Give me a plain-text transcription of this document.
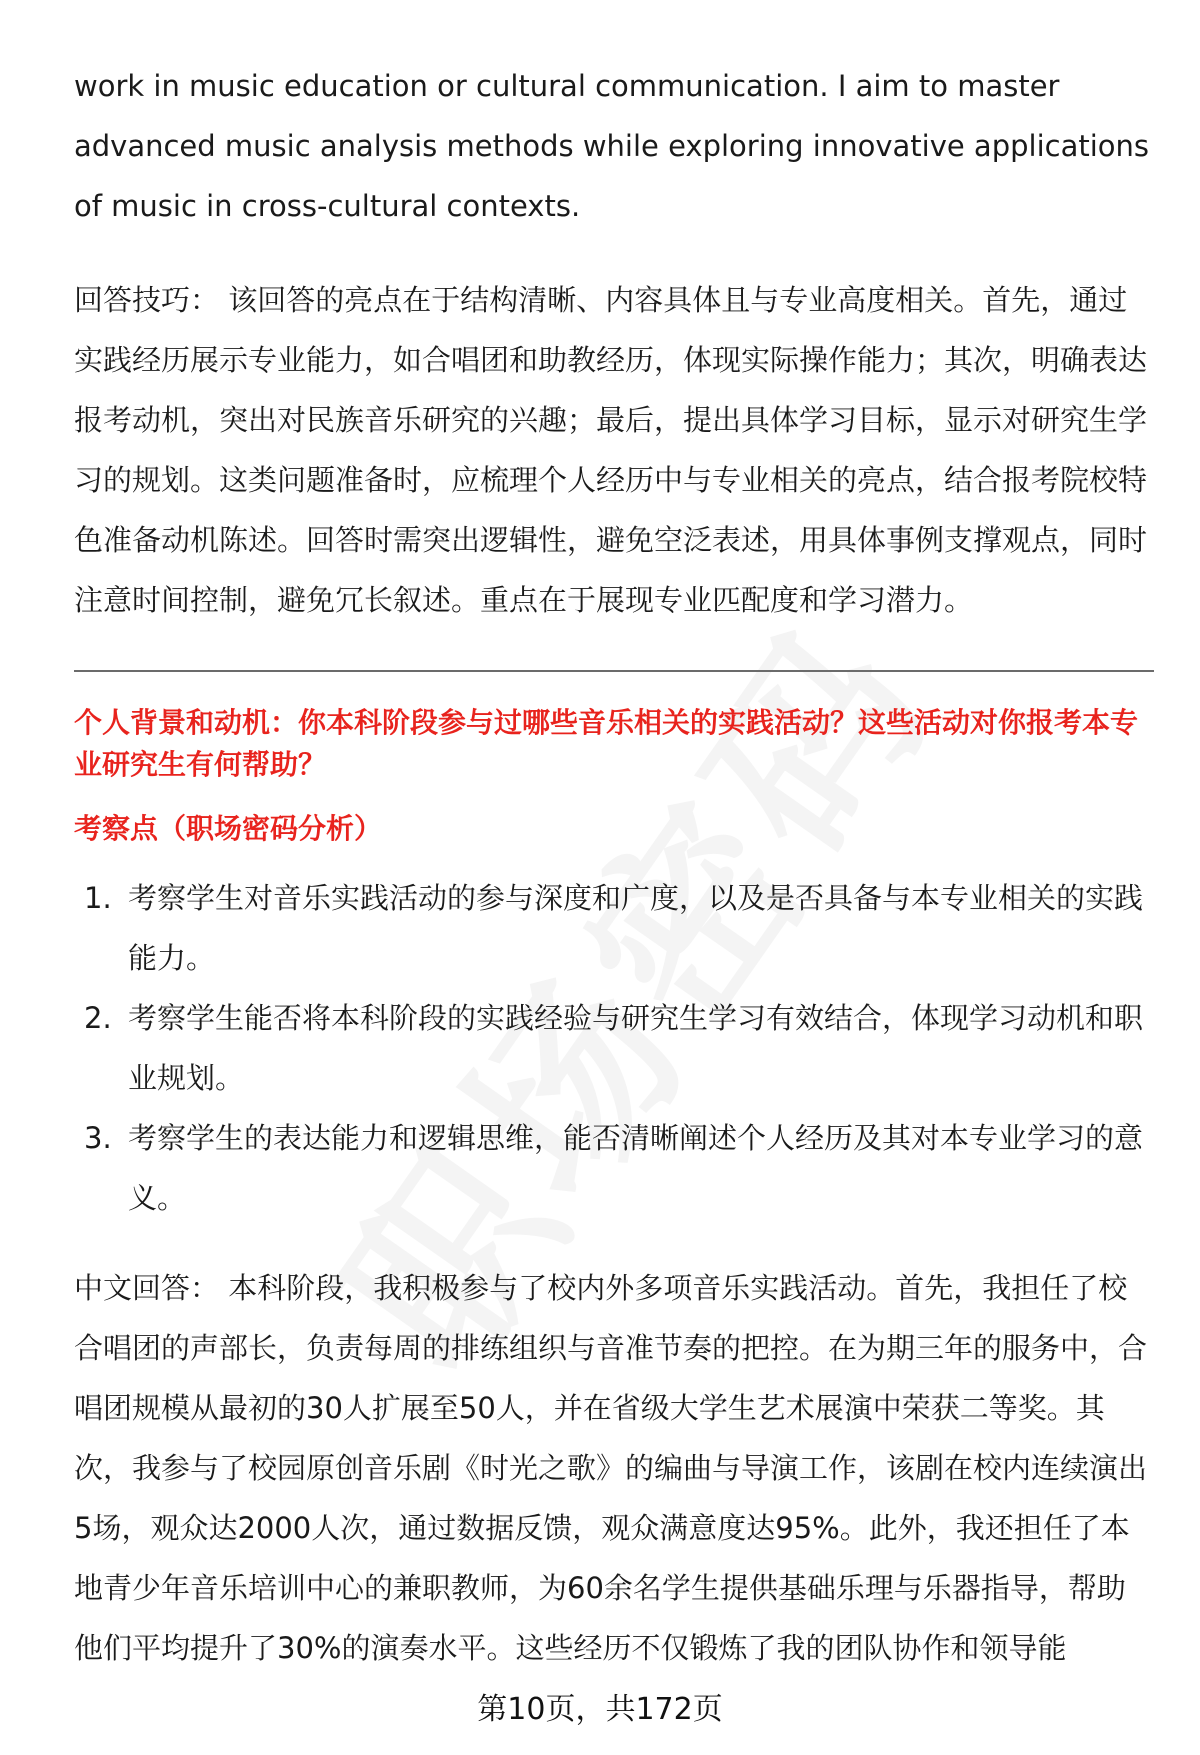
work in music education or cultural communication. I aim to master advanced music analysis methods while exploring innovative applications of music in cross-cultural contexts.

回答技巧： 该回答的亮点在于结构清晰、内容具体且与专业高度相关。首先，通过实践经历展示专业能力，如合唱团和助教经历，体现实际操作能力；其次，明确表达报考动机，突出对民族音乐研究的兴趣；最后，提出具体学习目标，显示对研究生学习的规划。这类问题准备时，应梳理个人经历中与专业相关的亮点，结合报考院校特色准备动机陈述。回答时需突出逻辑性，避免空泛表述，用具体事例支撑观点，同时注意时间控制，避免冗长叙述。重点在于展现专业匹配度和学习潜力。

个人背景和动机：你本科阶段参与过哪些音乐相关的实践活动？这些活动对你报考本专业研究生有何帮助？

考察点（职场密码分析）

1. 考察学生对音乐实践活动的参与深度和广度，以及是否具备与本专业相关的实践能力。
2. 考察学生能否将本科阶段的实践经验与研究生学习有效结合，体现学习动机和职业规划。
3. 考察学生的表达能力和逻辑思维，能否清晰阐述个人经历及其对本专业学习的意义。

中文回答： 本科阶段，我积极参与了校内外多项音乐实践活动。首先，我担任了校合唱团的声部长，负责每周的排练组织与音准节奏的把控。在为期三年的服务中，合唱团规模从最初的30人扩展至50人，并在省级大学生艺术展演中荣获二等奖。其次，我参与了校园原创音乐剧《时光之歌》的编曲与导演工作，该剧在校内连续演出5场，观众达2000人次，通过数据反馈，观众满意度达95%。此外，我还担任了本地青少年音乐培训中心的兼职教师，为60余名学生提供基础乐理与乐器指导，帮助他们平均提升了30%的演奏水平。这些经历不仅锻炼了我的团队协作和领导能

第10页，共172页
